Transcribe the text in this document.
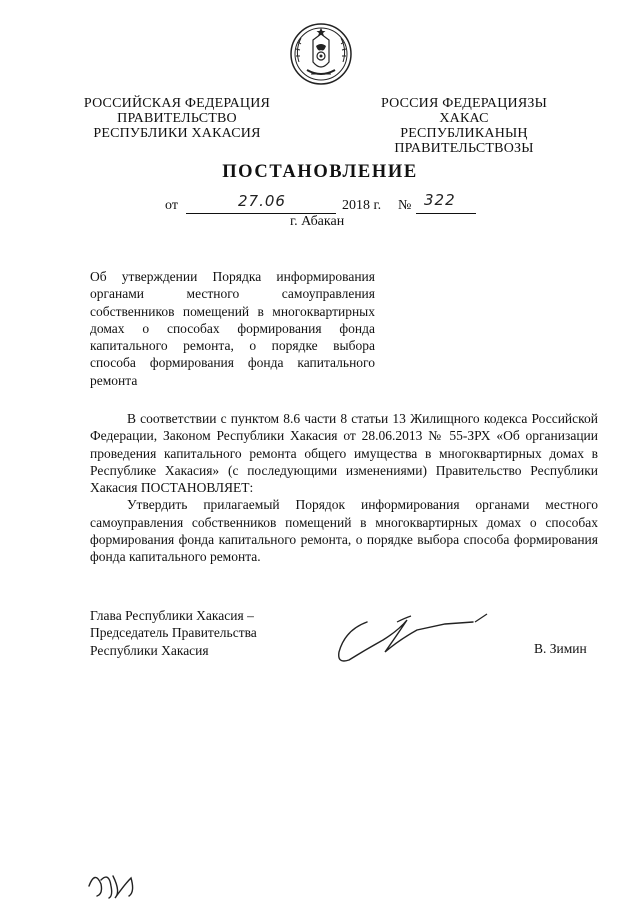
РОССИЙСКАЯ ФЕДЕРАЦИЯ
ПРАВИТЕЛЬСТВО
РЕСПУБЛИКИ ХАКАСИЯ
РОССИЯ ФЕДЕРАЦИЯЗЫ
ХАКАС РЕСПУБЛИКАНЫҢ
ПРАВИТЕЛЬСТВОЗЫ
ПОСТАНОВЛЕНИЕ
от	27.06	2018 г. № 322
г. Абакан
Об утверждении Порядка информирования органами местного самоуправления собственников помещений в многоквартирных домах о способах формирования фонда капитального ремонта, о порядке выбора способа формирования фонда капитального ремонта

В соответствии с пунктом 8.6 части 8 статьи 13 Жилищного кодекса Российской Федерации, Законом Республики Хакасия от 28.06.2013 № 55-ЗРХ «Об организации проведения капитального ремонта общего имущества в многоквартирных домах в Республике Хакасия» (с последующими изменениями) Правительство Республики Хакасия ПОСТАНОВЛЯЕТ:

Утвердить прилагаемый Порядок информирования органами местного самоуправления собственников помещений в многоквартирных домах о способах формирования фонда капитального ремонта, о порядке выбора способа формирования фонда капитального ремонта.

Глава Республики Хакасия –
Председатель Правительства
Республики Хакасия	В. Зимин
